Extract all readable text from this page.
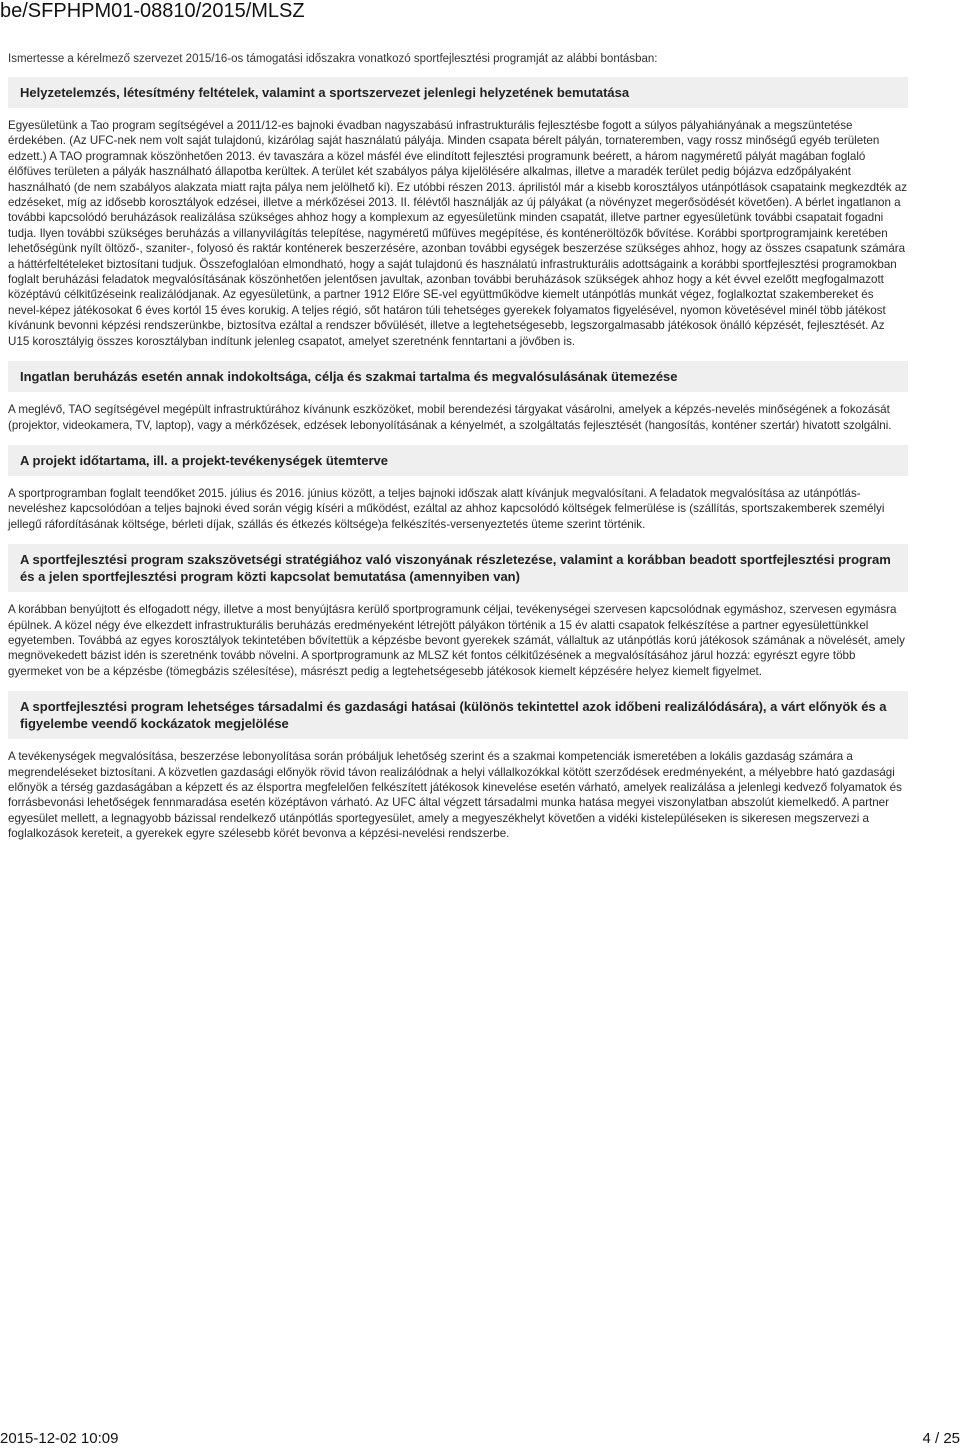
be/SFPHPM01-08810/2015/MLSZ

Ismertesse a kérelmező szervezet 2015/16-os támogatási időszakra vonatkozó sportfejlesztési programját az alábbi bontásban:

Helyzetelemzés, létesítmény feltételek, valamint a sportszervezet jelenlegi helyzetének bemutatása

Egyesületünk a Tao program segítségével a 2011/12-es bajnoki évadban nagyszabású infrastrukturális fejlesztésbe fogott a súlyos pályahiányának a megszüntetése érdekében. (Az UFC-nek nem volt saját tulajdonú, kizárólag saját használatú pályája. Minden csapata bérelt pályán, tornateremben, vagy rossz minőségű egyéb területen edzett.) A TAO programnak köszönhetően 2013. év tavaszára a közel másfél éve elindított fejlesztési programunk beérett, a három nagyméretű pályát magában foglaló élőfüves területen a pályák használható állapotba kerültek. A terület két szabályos pálya kijelölésére alkalmas, illetve a maradék terület pedig bójázva edzőpályaként használható (de nem szabályos alakzata miatt rajta pálya nem jelölhető ki). Ez utóbbi részen 2013. áprilistól már a kisebb korosztályos utánpótlások csapataink megkezdték az edzéseket, míg az idősebb korosztályok edzései, illetve a mérkőzései 2013. II. félévtől használják az új pályákat (a növényzet megerősödését követően). A bérlet ingatlanon a további kapcsolódó beruházások realizálása szükséges ahhoz hogy a komplexum az egyesületünk minden csapatát, illetve partner egyesületünk további csapatait fogadni tudja. Ilyen további szükséges beruházás a villanyvilágítás telepítése, nagyméretű műfüves megépítése, és konténeröltözők bővítése. Korábbi sportprogramjaink keretében lehetőségünk nyílt öltöző-, szaniter-, folyosó és raktár konténerek beszerzésére, azonban további egységek beszerzése szükséges ahhoz, hogy az összes csapatunk számára a háttérfeltételeket biztosítani tudjuk. Összefoglalóan elmondható, hogy a saját tulajdonú és használatú infrastrukturális adottságaink a korábbi sportfejlesztési programokban foglalt beruházási feladatok megvalósításának köszönhetően jelentősen javultak, azonban további beruházások szükségek ahhoz hogy a két évvel ezelőtt megfogalmazott középtávú célkitűzéseink realizálódjanak. Az egyesületünk, a partner 1912 Előre SE-vel együttműködve kiemelt utánpótlás munkát végez, foglalkoztat szakembereket és nevel-képez játékosokat 6 éves kortól 15 éves korukig. A teljes régió, sőt határon túli tehetséges gyerekek folyamatos figyelésével, nyomon követésével minél több játékost kívánunk bevonni képzési rendszerünkbe, biztosítva ezáltal a rendszer bővülését, illetve a legtehetségesebb, legszorgalmasabb játékosok önálló képzését, fejlesztését. Az U15 korosztályig összes korosztályban indítunk jelenleg csapatot, amelyet szeretnénk fenntartani a jövőben is.

Ingatlan beruházás esetén annak indokoltsága, célja és szakmai tartalma és megvalósulásának ütemezése

A meglévő, TAO segítségével megépült infrastruktúrához kívánunk eszközöket, mobil berendezési tárgyakat vásárolni, amelyek a képzés-nevelés minőségének a fokozását (projektor, videokamera, TV, laptop), vagy a mérkőzések, edzések lebonyolításának a kényelmét, a szolgáltatás fejlesztését (hangosítás, konténer szertár) hivatott szolgálni.

A projekt időtartama, ill. a projekt-tevékenységek ütemterve

A sportprogramban foglalt teendőket 2015. július és 2016. június között, a teljes bajnoki időszak alatt kívánjuk megvalósítani. A feladatok megvalósítása az utánpótlás-neveléshez kapcsolódóan a teljes bajnoki éved során végig kíséri a működést, ezáltal az ahhoz kapcsolódó költségek felmerülése is (szállítás, sportszakemberek személyi jellegű ráfordításának költsége, bérleti díjak, szállás és étkezés költsége)a felkészítés-versenyeztetés üteme szerint történik.

A sportfejlesztési program szakszövetségi stratégiához való viszonyának részletezése, valamint a korábban beadott sportfejlesztési program és a jelen sportfejlesztési program közti kapcsolat bemutatása (amennyiben van)

A korábban benyújtott és elfogadott négy, illetve a most benyújtásra kerülő sportprogramunk céljai, tevékenységei szervesen kapcsolódnak egymáshoz, szervesen egymásra épülnek. A közel négy éve elkezdett infrastrukturális beruházás eredményeként létrejött pályákon történik a 15 év alatti csapatok felkészítése a partner egyesülettünkkel egyetemben. Továbbá az egyes korosztályok tekintetében bővítettük a képzésbe bevont gyerekek számát, vállaltuk az utánpótlás korú játékosok számának a növelését, amely megnövekedett bázist idén is szeretnénk tovább növelni. A sportprogramunk az MLSZ két fontos célkitűzésének a megvalósításához járul hozzá: egyrészt egyre több gyermeket von be a képzésbe (tömegbázis szélesítése), másrészt pedig a legtehetségesebb játékosok kiemelt képzésére helyez kiemelt figyelmet.

A sportfejlesztési program lehetséges társadalmi és gazdasági hatásai (különös tekintettel azok időbeni realizálódására), a várt előnyök és a figyelembe veendő kockázatok megjelölése

A tevékenységek megvalósítása, beszerzése lebonyolítása során próbáljuk lehetőség szerint és a szakmai kompetenciák ismeretében a lokális gazdaság számára a megrendeléseket biztosítani. A közvetlen gazdasági előnyök rövid távon realizálódnak a helyi vállalkozókkal kötött szerződések eredményeként, a mélyebbre ható gazdasági előnyök a térség gazdaságában a képzett és az élsportra megfelelően felkészített játékosok kinevelése esetén várható, amelyek realizálása a jelenlegi kedvező folyamatok és forrásbevonási lehetőségek fennmaradása esetén középtávon várható. Az UFC által végzett társadalmi munka hatása megyei viszonylatban abszolút kiemelkedő. A partner egyesület mellett, a legnagyobb bázissal rendelkező utánpótlás sportegyesület, amely a megyeszékhelyt követően a vidéki kistelepüléseken is sikeresen megszervezi a foglalkozások kereteit, a gyerekek egyre szélesebb körét bevonva a képzési-nevelési rendszerbe.

2015-12-02 10:09	4 / 25
